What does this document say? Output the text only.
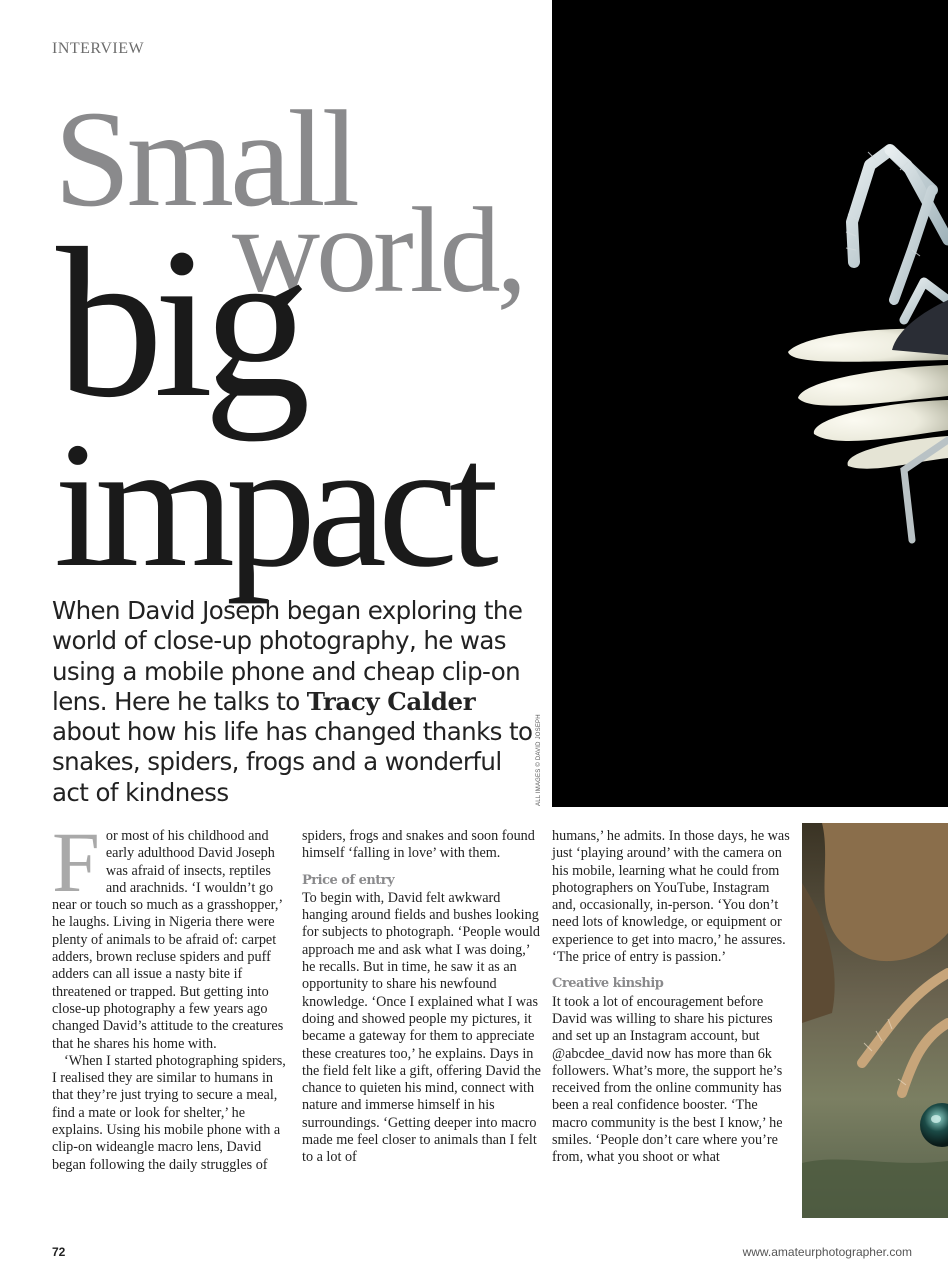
INTERVIEW
Small
world,
big
impact
When David Joseph began exploring the world of close-up photography, he was using a mobile phone and cheap clip-on lens. Here he talks to Tracy Calder about how his life has changed thanks to snakes, spiders, frogs and a wonderful act of kindness	ALL IMAGES © DAVID JOSEPH

For most of his childhood and early adulthood David Joseph was afraid of insects, reptiles and arachnids. ‘I wouldn’t go near or touch so much as a grasshopper,’ he laughs. Living in Nigeria there were plenty of animals to be afraid of: carpet adders, brown recluse spiders and puff adders can all issue a nasty bite if threatened or trapped. But getting into close-up photography a few years ago changed David’s attitude to the creatures that he shares his home with.

‘When I started photographing spiders, I realised they are similar to humans in that they’re just trying to secure a meal, find a mate or look for shelter,’ he explains. Using his mobile phone with a clip-on wideangle macro lens, David began following the daily struggles of

spiders, frogs and snakes and soon found himself ‘falling in love’ with them.

Price of entry

To begin with, David felt awkward hanging around fields and bushes looking for subjects to photograph. ‘People would approach me and ask what I was doing,’ he recalls. But in time, he saw it as an opportunity to share his newfound knowledge. ‘Once I explained what I was doing and showed people my pictures, it became a gateway for them to appreciate these creatures too,’ he explains. Days in the field felt like a gift, offering David the chance to quieten his mind, connect with nature and immerse himself in his surroundings. ‘Getting deeper into macro made me feel closer to animals than I felt to a lot of

humans,’ he admits. In those days, he was just ‘playing around’ with the camera on his mobile, learning what he could from photographers on YouTube, Instagram and, occasionally, in-person. ‘You don’t need lots of knowledge, or equipment or experience to get into macro,’ he assures. ‘The price of entry is passion.’

Creative kinship

It took a lot of encouragement before David was willing to share his pictures and set up an Instagram account, but @abcdee_david now has more than 6k followers. What’s more, the support he’s received from the online community has been a real confidence booster. ‘The macro community is the best I know,’ he smiles. ‘People don’t care where you’re from, what you shoot or what

72	www.amateurphotographer.com
